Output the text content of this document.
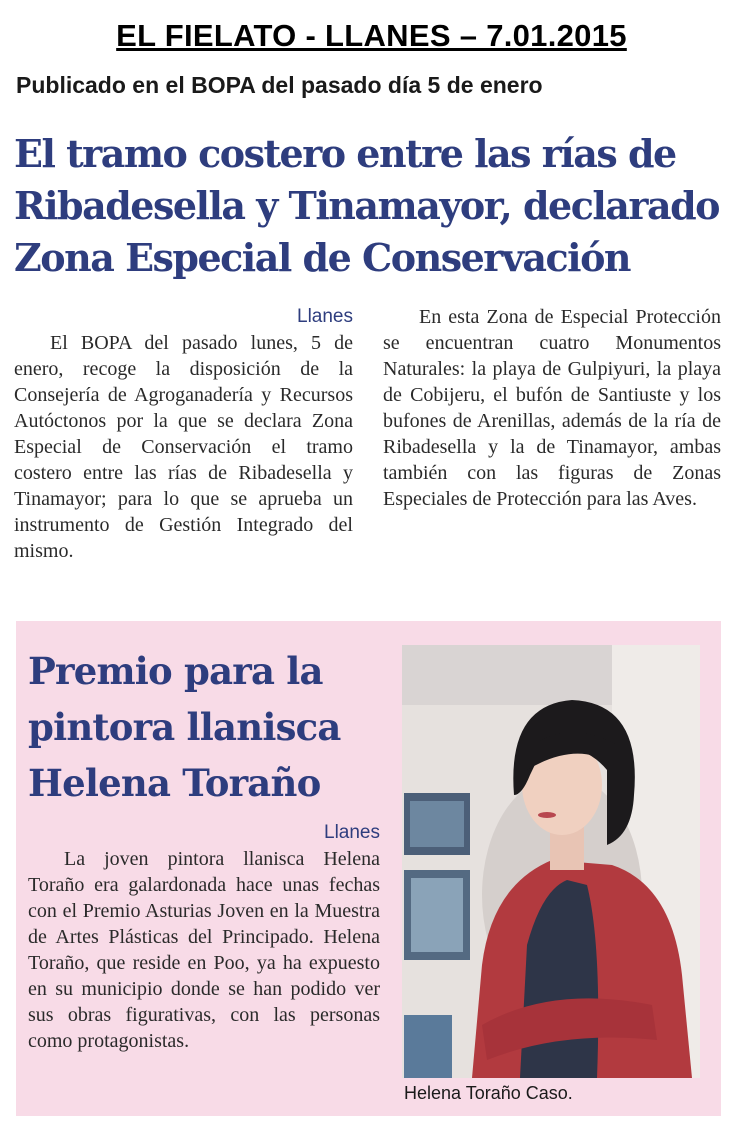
EL FIELATO - LLANES – 7.01.2015
Publicado en el BOPA del pasado día 5 de enero
El tramo costero entre las rías de
Ribadesella y Tinamayor, declarado
Zona Especial de Conservación
Llanes

El BOPA del pasado lunes, 5 de enero, recoge la disposición de la Consejería de Agroganadería y Recursos Autóctonos por la que se declara Zona Especial de Conservación el tramo costero entre las rías de Ribadesella y Tinamayor; para lo que se aprueba un instrumento de Gestión Integrado del mismo.

En esta Zona de Especial Protección se encuentran cuatro Monumentos Naturales: la playa de Gulpiyuri, la playa de Cobijeru, el bufón de Santiuste y los bufones de Arenillas, además de la ría de Ribadesella y la de Tinamayor, ambas también con las figuras de Zonas Especiales de Protección para las Aves.

Premio para la
pintora llanisca
Helena Toraño
Llanes

La joven pintora llanisca Helena Toraño era galardonada hace unas fechas con el Premio Asturias Joven en la Muestra de Artes Plásticas del Principado. Helena Toraño, que reside en Poo, ya ha expuesto en su municipio donde se han podido ver sus obras figurativas, con las personas como protagonistas.

Helena Toraño Caso.
